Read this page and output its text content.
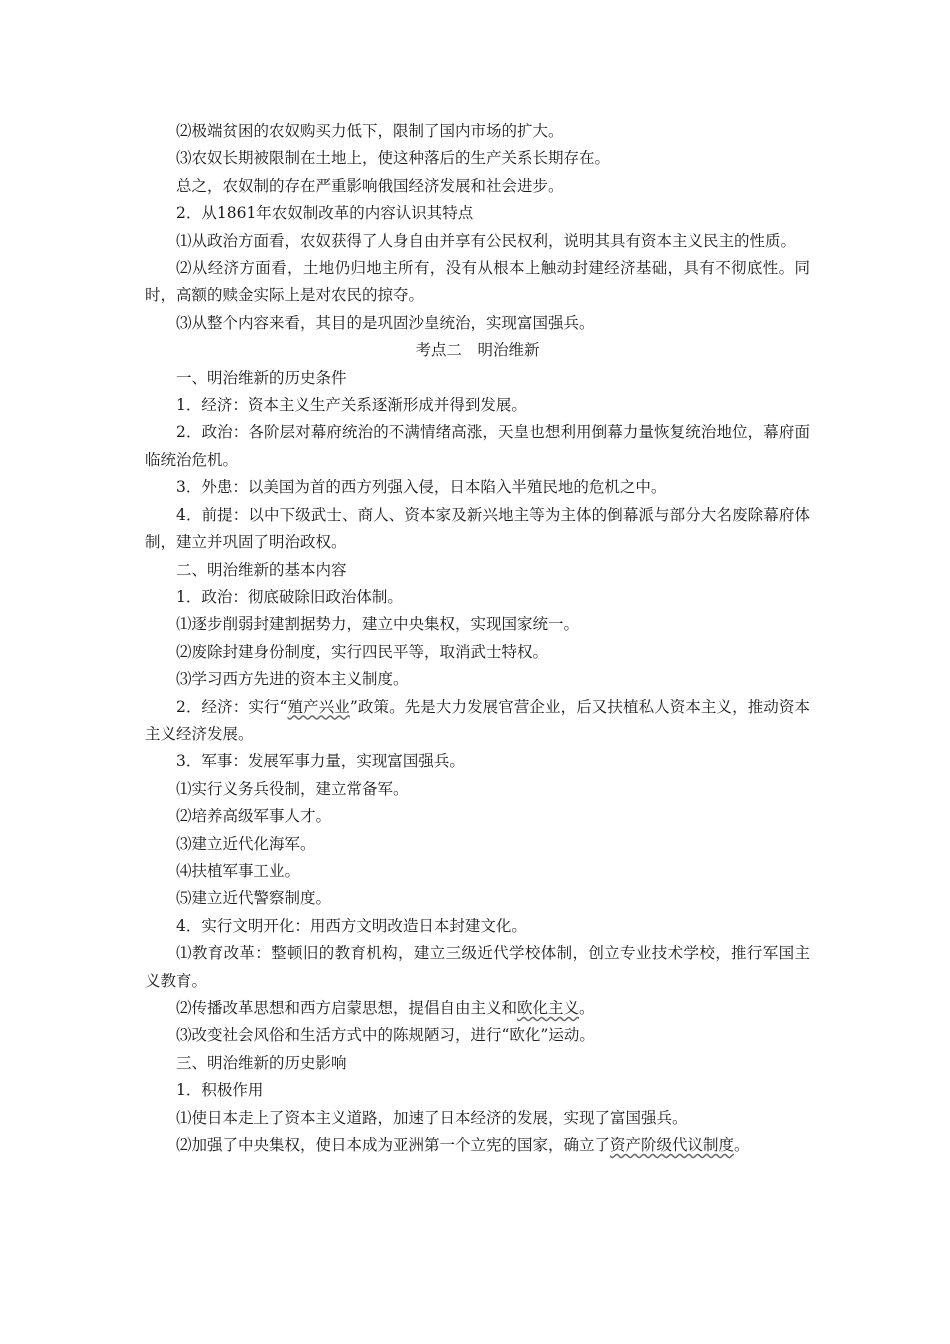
⑵极端贫困的农奴购买力低下，限制了国内市场的扩大。

⑶农奴长期被限制在土地上，使这种落后的生产关系长期存在。

总之，农奴制的存在严重影响俄国经济发展和社会进步。

2．从1861年农奴制改革的内容认识其特点

⑴从政治方面看，农奴获得了人身自由并享有公民权利，说明其具有资本主义民主的性质。

⑵从经济方面看，土地仍归地主所有，没有从根本上触动封建经济基础，具有不彻底性。同时，高额的赎金实际上是对农民的掠夺。

⑶从整个内容来看，其目的是巩固沙皇统治，实现富国强兵。

考点二　明治维新

一、明治维新的历史条件

1．经济：资本主义生产关系逐渐形成并得到发展。

2．政治：各阶层对幕府统治的不满情绪高涨，天皇也想利用倒幕力量恢复统治地位，幕府面临统治危机。

3．外患：以美国为首的西方列强入侵，日本陷入半殖民地的危机之中。

4．前提：以中下级武士、商人、资本家及新兴地主等为主体的倒幕派与部分大名废除幕府体制，建立并巩固了明治政权。

二、明治维新的基本内容

1．政治：彻底破除旧政治体制。

⑴逐步削弱封建割据势力，建立中央集权，实现国家统一。

⑵废除封建身份制度，实行四民平等，取消武士特权。

⑶学习西方先进的资本主义制度。

2．经济：实行“殖产兴业”政策。先是大力发展官营企业，后又扶植私人资本主义，推动资本主义经济发展。

3．军事：发展军事力量，实现富国强兵。

⑴实行义务兵役制，建立常备军。

⑵培养高级军事人才。

⑶建立近代化海军。

⑷扶植军事工业。

⑸建立近代警察制度。

4．实行文明开化：用西方文明改造日本封建文化。

⑴教育改革：整顿旧的教育机构，建立三级近代学校体制，创立专业技术学校，推行军国主义教育。

⑵传播改革思想和西方启蒙思想，提倡自由主义和欧化主义。

⑶改变社会风俗和生活方式中的陈规陋习，进行“欧化”运动。

三、明治维新的历史影响

1．积极作用

⑴使日本走上了资本主义道路，加速了日本经济的发展，实现了富国强兵。

⑵加强了中央集权，使日本成为亚洲第一个立宪的国家，确立了资产阶级代议制度。
